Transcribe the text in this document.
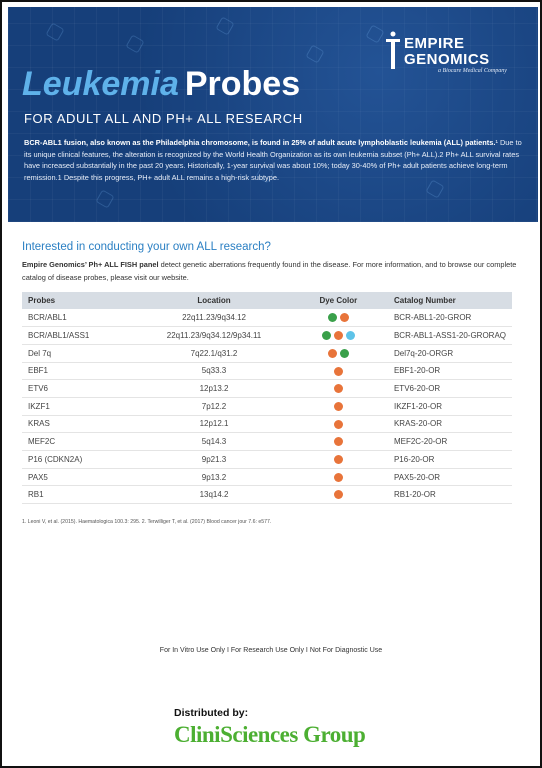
EMPIRE
GENOMICS
a Biocare Medical Company
Leukemia Probes
FOR ADULT ALL AND PH+ ALL RESEARCH
BCR-ABL1 fusion, also known as the Philadelphia chromosome, is found in 25% of adult acute lymphoblastic leukemia (ALL) patients.¹ Due to its unique clinical features, the alteration is recognized by the World Health Organization as its own leukemia subset (Ph+ ALL).2 Ph+ ALL survival rates have increased substantially in the past 20 years. Historically, 1-year survival was about 10%; today 30-40% of Ph+ adult patients achieve long-term remission.1 Despite this progress, PH+ adult ALL remains a high-risk subtype.
Interested in conducting your own ALL research?
Empire Genomics’ Ph+ ALL FISH panel detect genetic aberrations frequently found in the disease. For more information, and to browse our complete catalog of disease probes, please visit our website.
Probes	Location	Dye Color	Catalog Number
BCR/ABL1	22q11.23/9q34.12		BCR-ABL1-20-GROR
BCR/ABL1/ASS1	22q11.23/9q34.12/9p34.11		BCR-ABL1-ASS1-20-GRORAQ
Del 7q	7q22.1/q31.2		Del7q-20-ORGR
EBF1	5q33.3		EBF1-20-OR
ETV6	12p13.2		ETV6-20-OR
IKZF1	7p12.2		IKZF1-20-OR
KRAS	12p12.1		KRAS-20-OR
MEF2C	5q14.3		MEF2C-20-OR
P16 (CDKN2A)	9p21.3		P16-20-OR
PAX5	9p13.2		PAX5-20-OR
RB1	13q14.2		RB1-20-OR
1. Leoni V, et al. (2015). Haematologica 100.3: 295. 2. Terwilliger T, et al. (2017) Blood cancer jour 7.6: e577.
For In Vitro Use Only I For Research Use Only I Not For Diagnostic Use
Distributed by:
CliniSciences Group
